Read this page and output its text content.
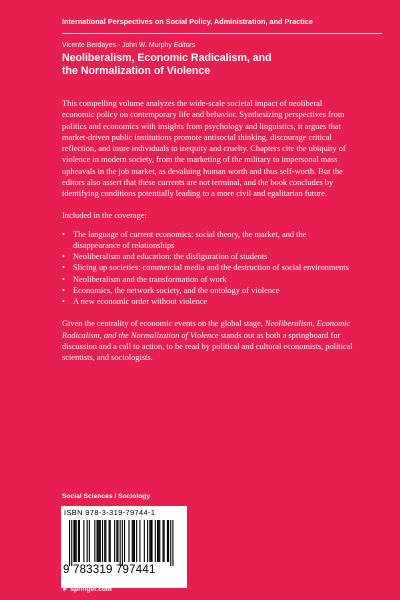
International Perspectives on Social Policy, Administration, and Practice
Vicente Berdayes · John W. Murphy Editors
Neoliberalism, Economic Radicalism, and
the Normalization of Violence

This compelling volume analyzes the wide-scale societal impact of neoliberal economic policy on contemporary life and behavior. Synthesizing perspectives from politics and economics with insights from psychology and linguistics, it argues that market-driven public institutions promote antisocial thinking, discourage critical reflection, and inure individuals to inequity and cruelty. Chapters cite the ubiquity of violence in modern society, from the marketing of the military to impersonal mass upheavals in the job market, as devaluing human worth and thus self-worth. But the editors also assert that these currents are not terminal, and the book concludes by identifying conditions potentially leading to a more civil and egalitarian future.

Included in the coverage:

• The language of current economics: social theory, the market, and the disappearance of relationships
• Neoliberalism and education: the disfiguration of students
• Slicing up societies: commercial media and the destruction of social environments
• Neoliberalism and the transformation of work
• Economics, the network society, and the ontology of violence
• A new economic order without violence

Given the centrality of economic events on the global stage, Neoliberalism, Economic Radicalism, and the Normalization of Violence stands out as both a springboard for discussion and a call to action, to be read by political and cultural economists, political scientists, and sociologists.

Social Sciences / Sociology
ISBN 978-3-319-79744-1
9 783319 797441
► springer.com
